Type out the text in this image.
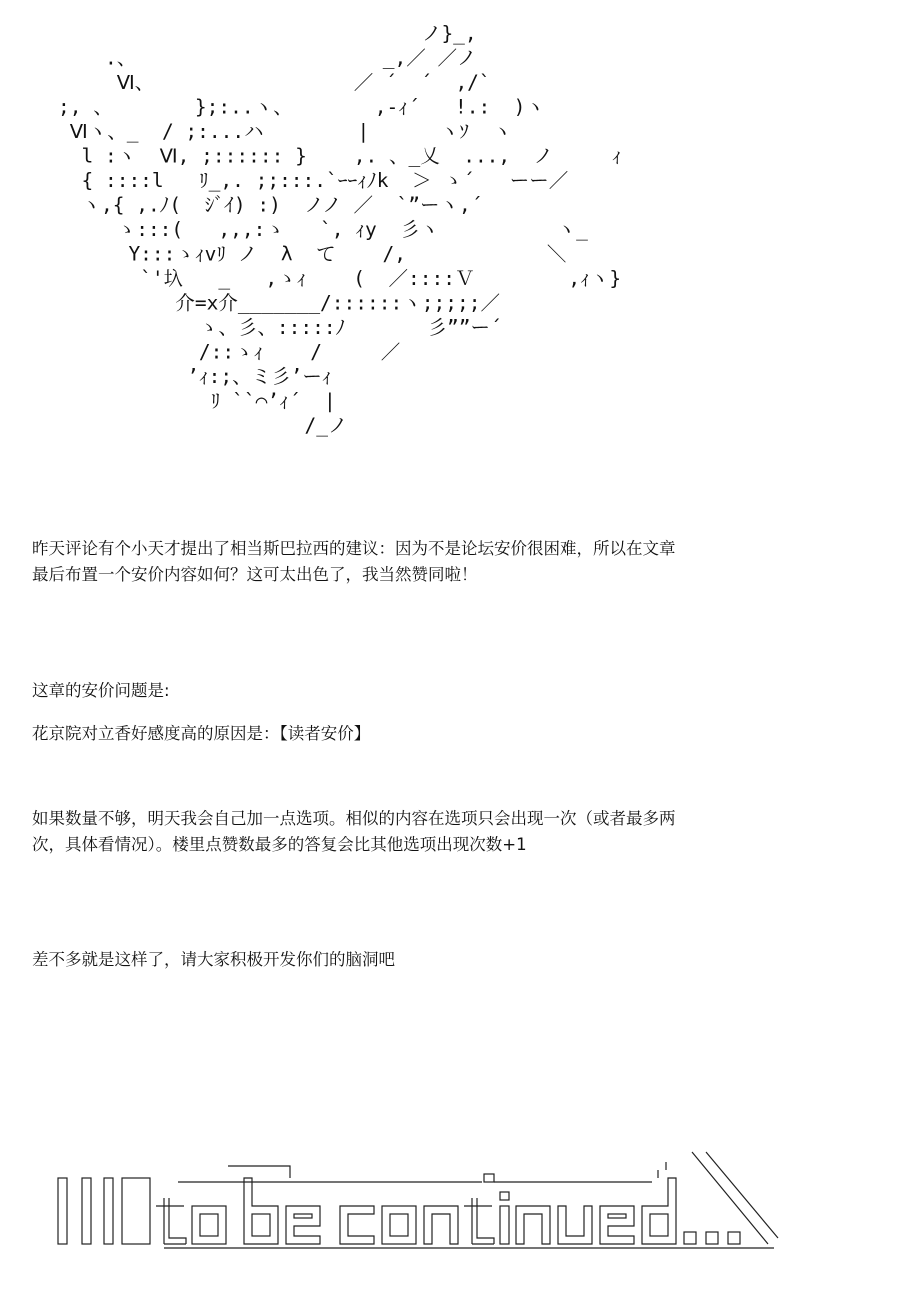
ノ}_,
.、                     _,／ ／ノ
Ⅵ、                 ／ ´  ´  ,/`
;, 、       };:..ヽ、       ,-ｨ´   !.:  )ヽ
Ⅵヽ、_  / ;:...ハ        |      ヽｿ  ヽ
l :ヽ  Ⅵ, ;:::::: }    ,. 、_乂  ...,  ノ     ｨ
{ ::::l   ﾘ_,. ;;:::.`ｰｰｨﾉk  ＞ ゝ´   ーー／
ヽ,{ ,.ﾉ(  ｼﾞｲ) :)  ノノ ／  `”ーヽ,´
ゝ:::(   ,,,:ゝ   `, ｨy  彡ヽ          ヽ_
Y:::ゝｨvﾘ ノ  λ  て    /,            ＼
`'圦   _   ,ゝｨ    (  ／::::Ｖ        ,ｨヽ}
介=x介_______/::::::ヽ;;;;;／
ゝ、彡、:::::ﾉ       彡””ー´
/::ゝｨ    /     ／
’ｨ:;、ミ彡’ーｨ
ﾘ ``⌒’ｨ´  |
/_ノ

昨天评论有个小天才提出了相当斯巴拉西的建议：因为不是论坛安价很困难，所以在文章
最后布置一个安价内容如何？这可太出色了，我当然赞同啦！

这章的安价问题是:

花京院对立香好感度高的原因是：【读者安价】

如果数量不够，明天我会自己加一点选项。相似的内容在选项只会出现一次（或者最多两
次，具体看情况）。楼里点赞数最多的答复会比其他选项出现次数+1

差不多就是这样了，请大家积极开发你们的脑洞吧
